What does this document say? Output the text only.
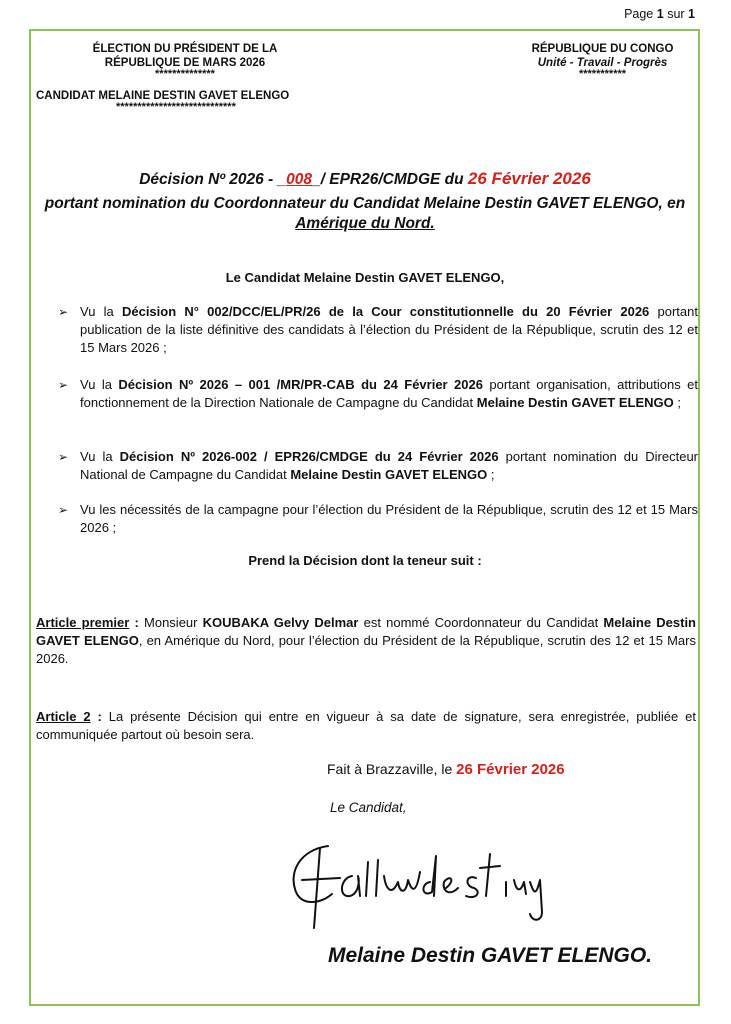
Page 1 sur 1
ÉLECTION DU PRÉSIDENT DE LA
RÉPUBLIQUE DE MARS 2026
**************
CANDIDAT MELAINE DESTIN GAVET ELENGO
****************************
RÉPUBLIQUE DU CONGO
Unité - Travail - Progrès
***********
Décision Nº 2026 - _008_/ EPR26/CMDGE du 26 Février 2026
portant nomination du Coordonnateur du Candidat Melaine Destin GAVET ELENGO, en
Amérique du Nord.
Le Candidat Melaine Destin GAVET ELENGO,
➢ Vu la Décision N° 002/DCC/EL/PR/26 de la Cour constitutionnelle du 20 Février 2026 portant publication de la liste définitive des candidats à l’élection du Président de la République, scrutin des 12 et 15 Mars 2026 ;
➢ Vu la Décision Nº 2026 – 001 /MR/PR-CAB du 24 Février 2026 portant organisation, attributions et fonctionnement de la Direction Nationale de Campagne du Candidat Melaine Destin GAVET ELENGO ;
➢ Vu la Décision Nº 2026-002 / EPR26/CMDGE du 24 Février 2026 portant nomination du Directeur National de Campagne du Candidat Melaine Destin GAVET ELENGO ;
➢ Vu les nécessités de la campagne pour l’élection du Président de la République, scrutin des 12 et 15 Mars 2026 ;
Prend la Décision dont la teneur suit :
Article premier : Monsieur KOUBAKA Gelvy Delmar est nommé Coordonnateur du Candidat Melaine Destin GAVET ELENGO, en Amérique du Nord, pour l’élection du Président de la République, scrutin des 12 et 15 Mars 2026.
Article 2 : La présente Décision qui entre en vigueur à sa date de signature, sera enregistrée, publiée et communiquée partout où besoin sera.
Fait à Brazzaville, le 26 Février 2026
Le Candidat,
Melaine Destin GAVET ELENGO.
